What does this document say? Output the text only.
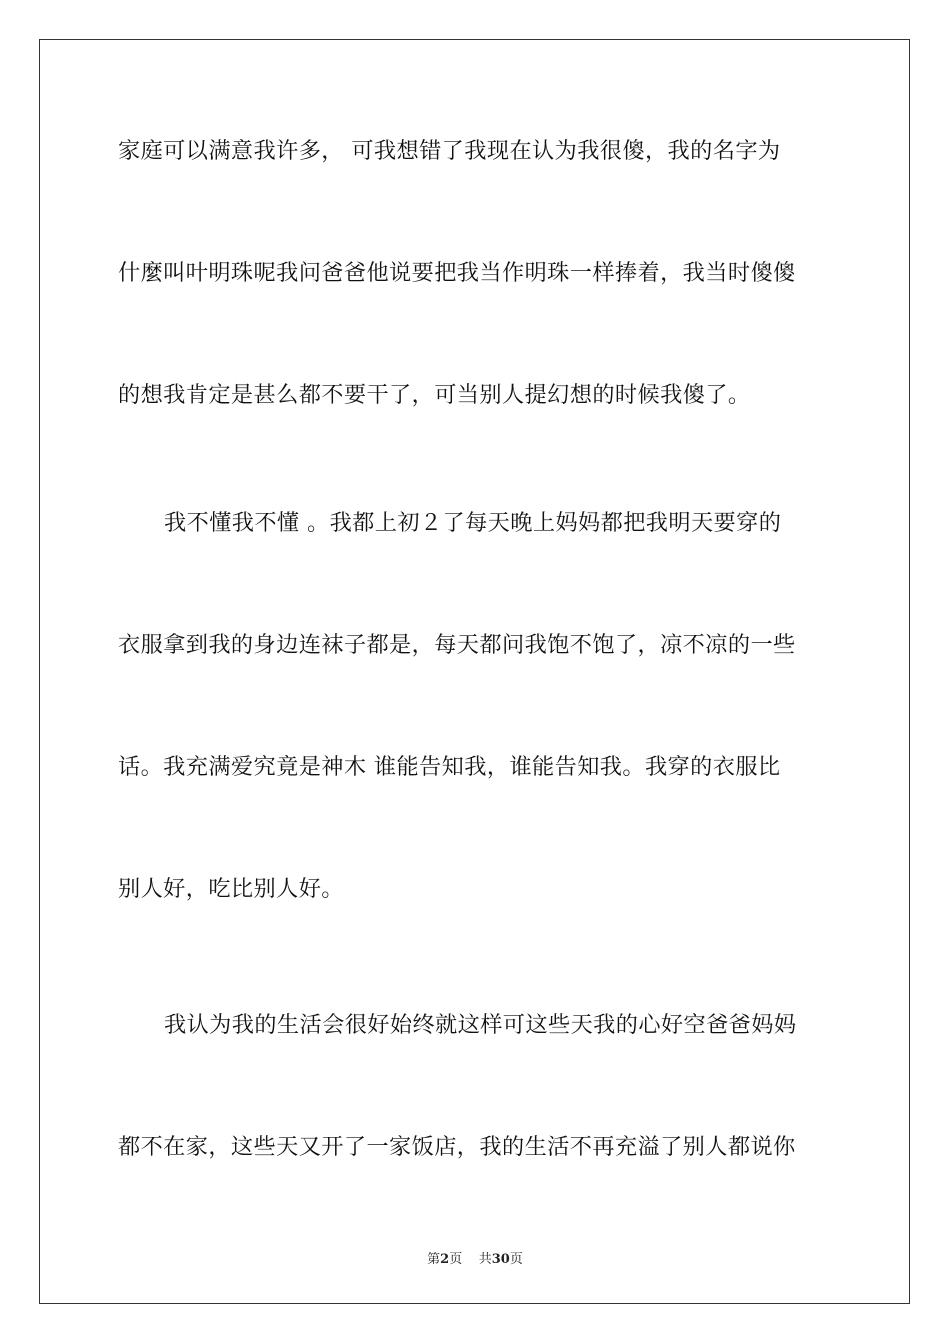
家庭可以满意我许多， 可我想错了我现在认为我很傻，我的名字为
什麼叫叶明珠呢我问爸爸他说要把我当作明珠一样捧着，我当时傻傻
的想我肯定是甚么都不要干了，可当别人提幻想的时候我傻了。
我不懂我不懂 。我都上初２了每天晚上妈妈都把我明天要穿的
衣服拿到我的身边连袜子都是，每天都问我饱不饱了，凉不凉的一些
话。我充满爱究竟是神木 谁能告知我，谁能告知我。我穿的衣服比
别人好，吃比别人好。
我认为我的生活会很好始终就这样可这些天我的心好空爸爸妈妈
都不在家，这些天又开了一家饭店，我的生活不再充溢了别人都说你
第2页 共30页
